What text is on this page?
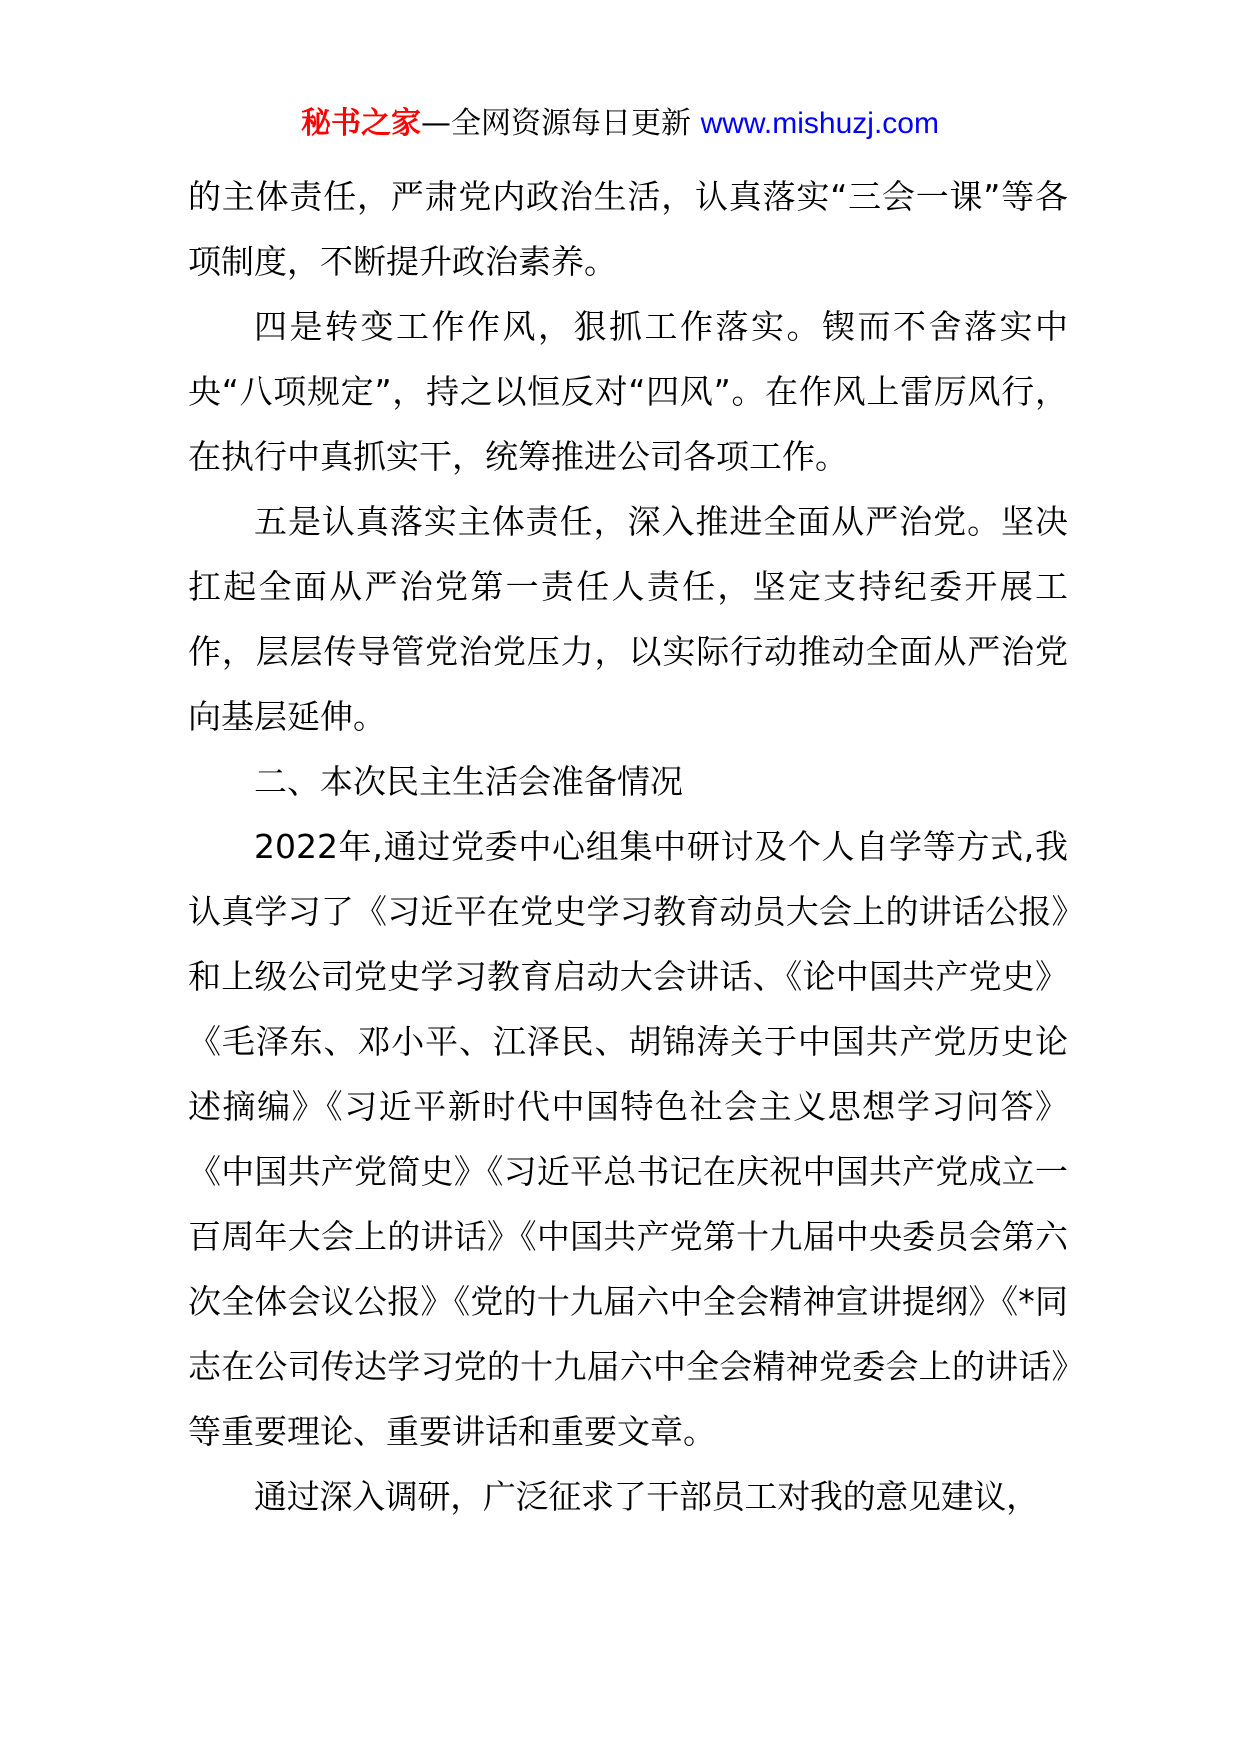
秘书之家—全网资源每日更新 www.mishuzj.com

的主体责任，严肃党内政治生活，认真落实“三会一课”等各项制度，不断提升政治素养。

四是转变工作作风，狠抓工作落实。锲而不舍落实中央“八项规定”，持之以恒反对“四风”。在作风上雷厉风行，在执行中真抓实干，统筹推进公司各项工作。

五是认真落实主体责任，深入推进全面从严治党。坚决扛起全面从严治党第一责任人责任，坚定支持纪委开展工作，层层传导管党治党压力，以实际行动推动全面从严治党向基层延伸。

二、本次民主生活会准备情况

2022年,通过党委中心组集中研讨及个人自学等方式,我认真学习了《习近平在党史学习教育动员大会上的讲话公报》和上级公司党史学习教育启动大会讲话、《论中国共产党史》《毛泽东、邓小平、江泽民、胡锦涛关于中国共产党历史论述摘编》《习近平新时代中国特色社会主义思想学习问答》《中国共产党简史》《习近平总书记在庆祝中国共产党成立一百周年大会上的讲话》《中国共产党第十九届中央委员会第六次全体会议公报》《党的十九届六中全会精神宣讲提纲》《*同志在公司传达学习党的十九届六中全会精神党委会上的讲话》等重要理论、重要讲话和重要文章。

通过深入调研，广泛征求了干部员工对我的意见建议，
